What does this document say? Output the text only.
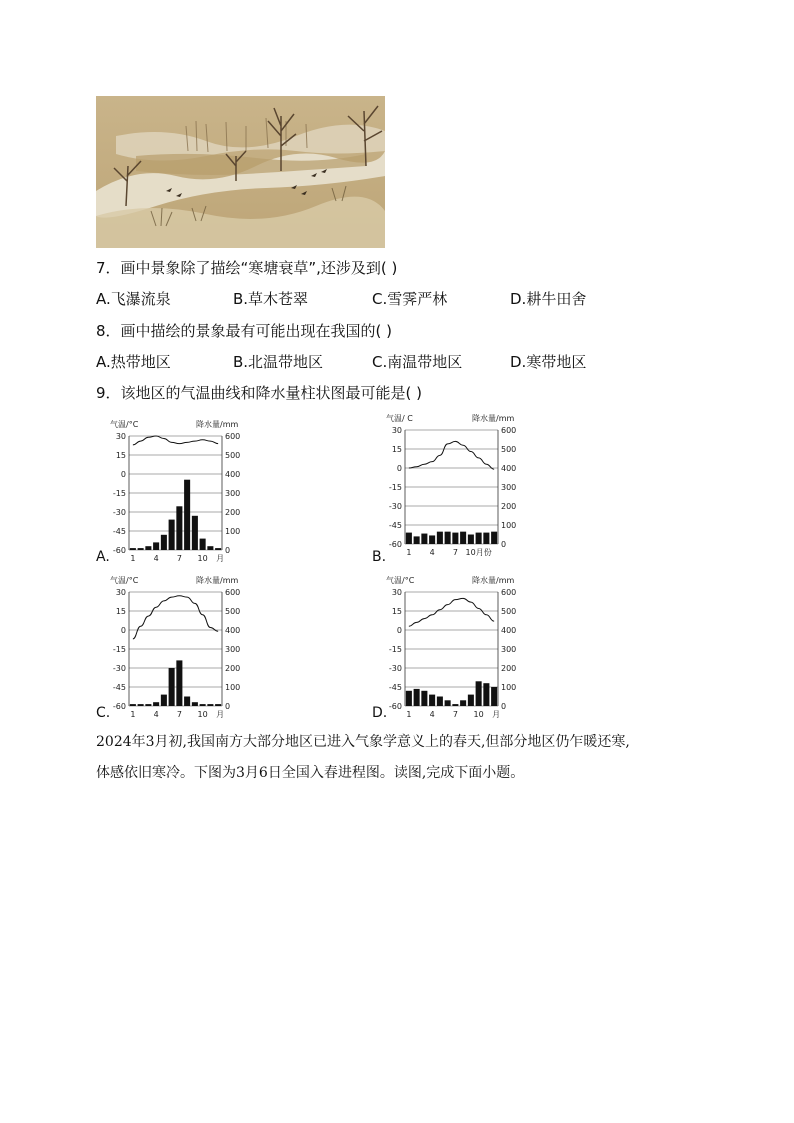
7．画中景象除了描绘“寒塘衰草”,还涉及到( )
A.飞瀑流泉	B.草木苍翠	C.雪霁严林	D.耕牛田舍
8．画中描绘的景象最有可能出现在我国的( )
A.热带地区	B.北温带地区	C.南温带地区	D.寒带地区
9．该地区的气温曲线和降水量柱状图最可能是( )
气温/°C	降水量/mm
30
15
0
-15
-30
-45
-60
600
500
400
300
200
100
0
1 4 7 10 月
气温/ C	降水量/mm
30
15
0
-15
-30
-45
-60
600
500
400
300
200
100
0
1 4 7 10月份
气温/°C	降水量/mm
30
15
0
-15
-30
-45
-60
600
500
400
300
200
100
0
1 4 7 10 月
气温/°C	降水量/mm
30
15
0
-15
-30
-45
-60
600
500
400
300
200
100
0
1 4 7 10 月
A.	B.
C.	D.
2024年3月初,我国南方大部分地区已进入气象学意义上的春天,但部分地区仍乍暖还寒,
体感依旧寒冷。下图为3月6日全国入春进程图。读图,完成下面小题。
